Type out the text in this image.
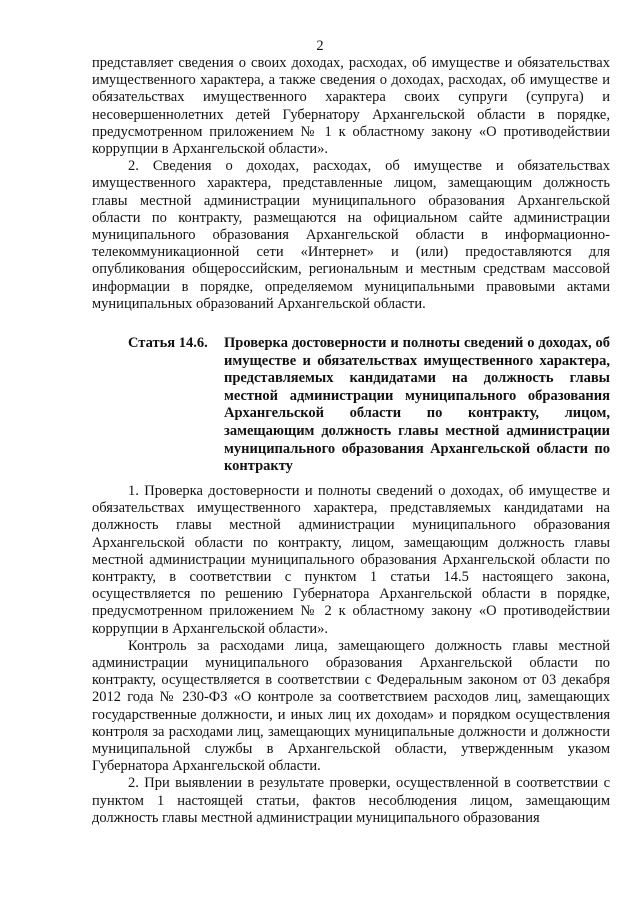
2

представляет сведения о своих доходах, расходах, об имуществе и обязательствах имущественного характера, а также сведения о доходах, расходах, об имуществе и обязательствах имущественного характера своих супруги (супруга) и несовершеннолетних детей Губернатору Архангельской области в порядке, предусмотренном приложением № 1 к областному закону «О противодействии коррупции в Архангельской области».

2. Сведения о доходах, расходах, об имуществе и обязательствах имущественного характера, представленные лицом, замещающим должность главы местной администрации муниципального образования Архангельской области по контракту, размещаются на официальном сайте администрации муниципального образования Архангельской области в информационно-телекоммуникационной сети «Интернет» и (или) предоставляются для опубликования общероссийским, региональным и местным средствам массовой информации в порядке, определяемом муниципальными правовыми актами муниципальных образований Архангельской области.

Статья 14.6.	Проверка достоверности и полноты сведений о доходах, об имуществе и обязательствах имущественного характера, представляемых кандидатами на должность главы местной администрации муниципального образования Архангельской области по контракту, лицом, замещающим должность главы местной администрации муниципального образования Архангельской области по контракту

1. Проверка достоверности и полноты сведений о доходах, об имуществе и обязательствах имущественного характера, представляемых кандидатами на должность главы местной администрации муниципального образования Архангельской области по контракту, лицом, замещающим должность главы местной администрации муниципального образования Архангельской области по контракту, в соответствии с пунктом 1 статьи 14.5 настоящего закона, осуществляется по решению Губернатора Архангельской области в порядке, предусмотренном приложением № 2 к областному закону «О противодействии коррупции в Архангельской области».

Контроль за расходами лица, замещающего должность главы местной администрации муниципального образования Архангельской области по контракту, осуществляется в соответствии с Федеральным законом от 03 декабря 2012 года № 230-ФЗ «О контроле за соответствием расходов лиц, замещающих государственные должности, и иных лиц их доходам» и порядком осуществления контроля за расходами лиц, замещающих муниципальные должности и должности муниципальной службы в Архангельской области, утвержденным указом Губернатора Архангельской области.

2. При выявлении в результате проверки, осуществленной в соответствии с пунктом 1 настоящей статьи, фактов несоблюдения лицом, замещающим должность главы местной администрации муниципального образования
